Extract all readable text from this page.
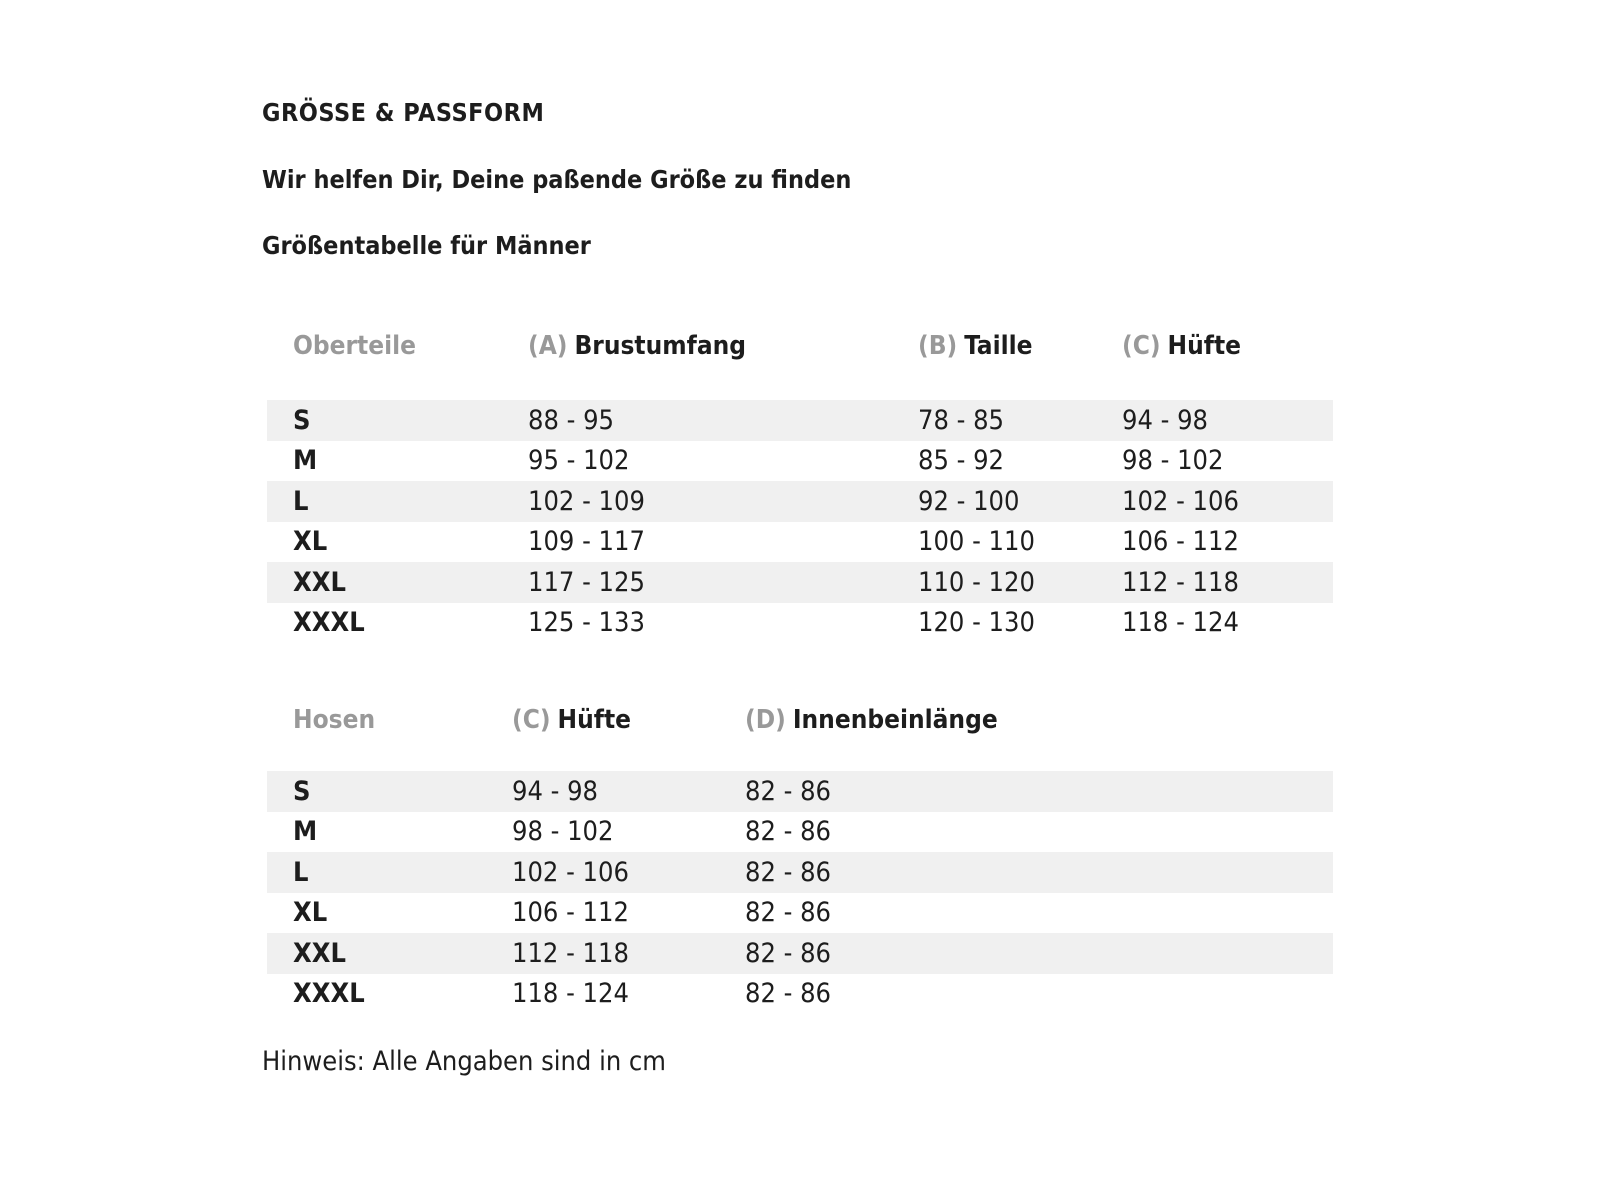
GRÖSSE & PASSFORM
Wir helfen Dir, Deine paßende Größe zu finden
Größentabelle für Männer
Oberteile	(A) Brustumfang	(B) Taille	(C) Hüfte
S	88 - 95	78 - 85	94 - 98
M	95 - 102	85 - 92	98 - 102
L	102 - 109	92 - 100	102 - 106
XL	109 - 117	100 - 110	106 - 112
XXL	117 - 125	110 - 120	112 - 118
XXXL	125 - 133	120 - 130	118 - 124
Hosen	(C) Hüfte	(D) Innenbeinlänge
S	94 - 98	82 - 86
M	98 - 102	82 - 86
L	102 - 106	82 - 86
XL	106 - 112	82 - 86
XXL	112 - 118	82 - 86
XXXL	118 - 124	82 - 86
Hinweis: Alle Angaben sind in cm
